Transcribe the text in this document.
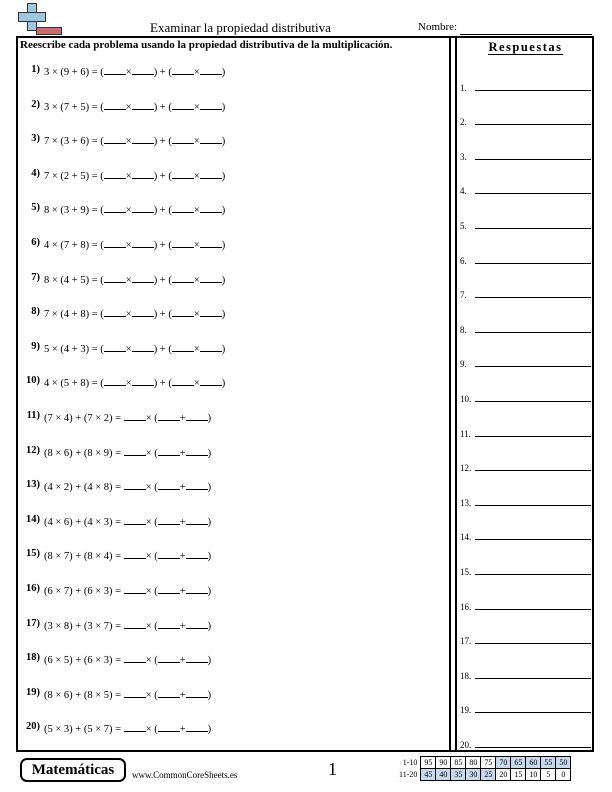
Examinar la propiedad distributiva	Nombre:
Reescribe cada problema usando la propiedad distributiva de la multiplicación.
1) 3 × (9 + 6) = ( × ) + ( × )
2) 3 × (7 + 5) = ( × ) + ( × )
3) 7 × (3 + 6) = ( × ) + ( × )
4) 7 × (2 + 5) = ( × ) + ( × )
5) 8 × (3 + 9) = ( × ) + ( × )
6) 4 × (7 + 8) = ( × ) + ( × )
7) 8 × (4 + 5) = ( × ) + ( × )
8) 7 × (4 + 8) = ( × ) + ( × )
9) 5 × (4 + 3) = ( × ) + ( × )
10) 4 × (5 + 8) = ( × ) + ( × )
11) (7 × 4) + (7 × 2) = × ( + )
12) (8 × 6) + (8 × 9) = × ( + )
13) (4 × 2) + (4 × 8) = × ( + )
14) (4 × 6) + (4 × 3) = × ( + )
15) (8 × 7) + (8 × 4) = × ( + )
16) (6 × 7) + (6 × 3) = × ( + )
17) (3 × 8) + (3 × 7) = × ( + )
18) (6 × 5) + (6 × 3) = × ( + )
19) (8 × 6) + (8 × 5) = × ( + )
20) (5 × 3) + (5 × 7) = × ( + )
Respuestas
1.
2.
3.
4.
5.
6.
7.
8.
9.
10.
11.
12.
13.
14.
15.
16.
17.
18.
19.
20.
Matemáticas	www.CommonCoreSheets.es	1	1-10	95	90	85	80	75	70	65	60	55	50
11-20	45	40	35	30	25	20	15	10	5	0
